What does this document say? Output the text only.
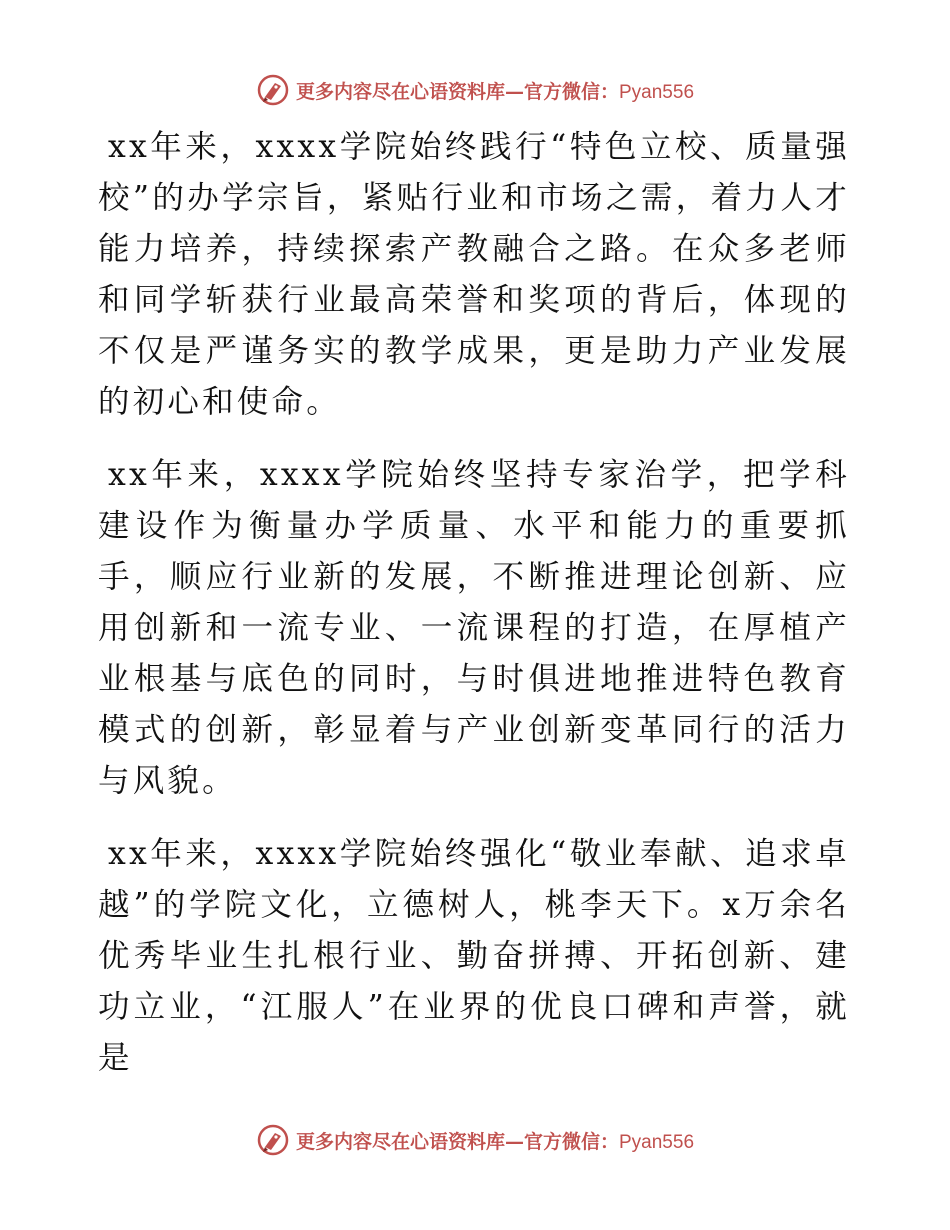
更多内容尽在心语资料库—官方微信：Pyan556

xx年来，xxxx学院始终践行“特色立校、质量强校”的办学宗旨，紧贴行业和市场之需，着力人才能力培养，持续探索产教融合之路。在众多老师和同学斩获行业最高荣誉和奖项的背后，体现的不仅是严谨务实的教学成果，更是助力产业发展的初心和使命。

xx年来，xxxx学院始终坚持专家治学，把学科建设作为衡量办学质量、水平和能力的重要抓手，顺应行业新的发展，不断推进理论创新、应用创新和一流专业、一流课程的打造，在厚植产业根基与底色的同时，与时俱进地推进特色教育模式的创新，彰显着与产业创新变革同行的活力与风貌。

xx年来，xxxx学院始终强化“敬业奉献、追求卓越”的学院文化，立德树人，桃李天下。x万余名优秀毕业生扎根行业、勤奋拼搏、开拓创新、建功立业，“江服人”在业界的优良口碑和声誉，就是

更多内容尽在心语资料库—官方微信：Pyan556
